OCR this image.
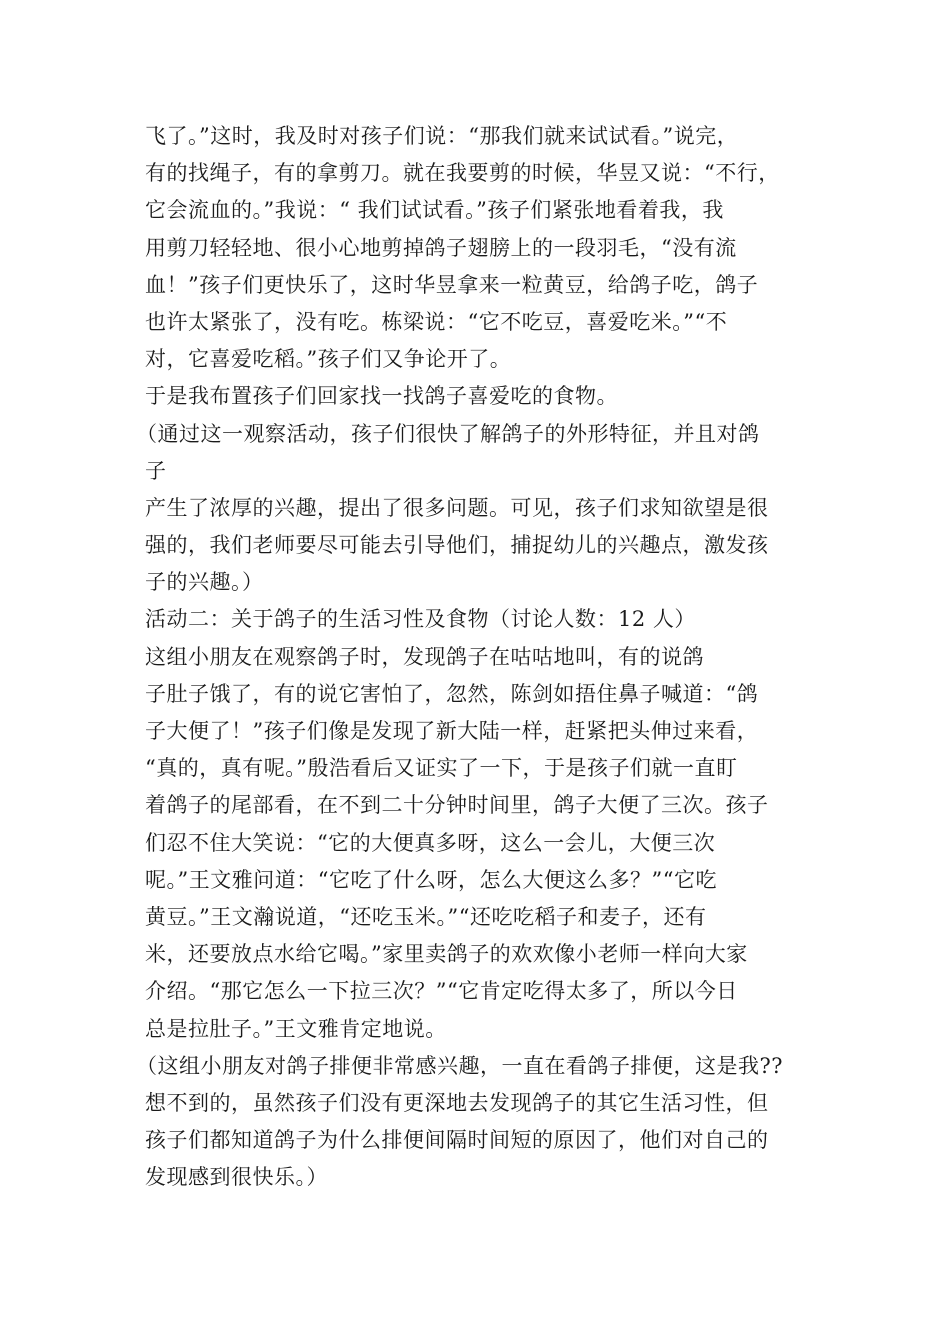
飞了。”这时，我及时对孩子们说：“那我们就来试试看。”说完，
有的找绳子，有的拿剪刀。就在我要剪的时候，华昱又说：“不行，
它会流血的。”我说：“ 我们试试看。”孩子们紧张地看着我，我
用剪刀轻轻地、很小心地剪掉鸽子翅膀上的一段羽毛，“没有流
血！”孩子们更快乐了，这时华昱拿来一粒黄豆，给鸽子吃，鸽子
也许太紧张了，没有吃。栋梁说：“它不吃豆，喜爱吃米。”“不
对，它喜爱吃稻。”孩子们又争论开了。
于是我布置孩子们回家找一找鸽子喜爱吃的食物。
（通过这一观察活动，孩子们很快了解鸽子的外形特征，并且对鸽
子
产生了浓厚的兴趣，提出了很多问题。可见，孩子们求知欲望是很
强的，我们老师要尽可能去引导他们，捕捉幼儿的兴趣点，激发孩
子的兴趣。）
活动二：关于鸽子的生活习性及食物（讨论人数：12 人）
这组小朋友在观察鸽子时，发现鸽子在咕咕地叫，有的说鸽
子肚子饿了，有的说它害怕了，忽然，陈剑如捂住鼻子喊道：“鸽
子大便了！”孩子们像是发现了新大陆一样，赶紧把头伸过来看，
“真的，真有呢。”殷浩看后又证实了一下，于是孩子们就一直盯
着鸽子的尾部看，在不到二十分钟时间里，鸽子大便了三次。孩子
们忍不住大笑说：“它的大便真多呀，这么一会儿，大便三次
呢。”王文雅问道：“它吃了什么呀，怎么大便这么多？”“它吃
黄豆。”王文瀚说道，“还吃玉米。”“还吃吃稻子和麦子，还有
米，还要放点水给它喝。”家里卖鸽子的欢欢像小老师一样向大家
介绍。“那它怎么一下拉三次？”“它肯定吃得太多了，所以今日
总是拉肚子。”王文雅肯定地说。
（这组小朋友对鸽子排便非常感兴趣，一直在看鸽子排便，这是我??
想不到的，虽然孩子们没有更深地去发现鸽子的其它生活习性，但
孩子们都知道鸽子为什么排便间隔时间短的原因了，他们对自己的
发现感到很快乐。）
